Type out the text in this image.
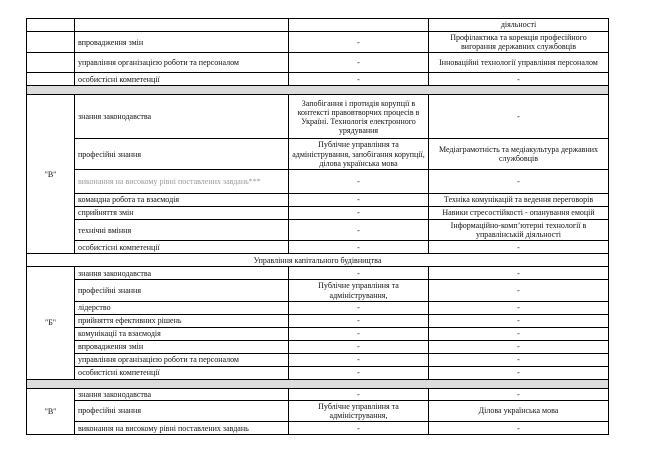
			діяльності
	впровадження змін	-	Профілактика та корекція професійного вигорання державних службовців
	управління організацією роботи та персоналом	-	Інноваційні технології управління персоналом
	особистісні компетенції	-	-

"В"	знання законодавства	Запобігання і протидія корупції в контексті правовтворчих процесів в Україні. Технологія електронного урядування	-
	професійні знання	Публічне управління та адміністрування, запобігання корупції, ділова українська мова	Медіаграмотність та медіакультура державних службовців
	виконання на високому рівні поставлених завдань***	-	-
	командна робота та взаємодія	-	Техніка комунікацій та ведення переговорів
	сприйняття змін	-	Навики стресостійкості - опанування емоцій
	технічні вміння	-	Інформаційно-комп’ютерні технології в управлінській діяльності
	особистісні компетенції	-	-
Управління капітального будівництва			
"Б"	знання законодавства	-	-
	професійні знання	Публічне управління та адміністрування,	-
	лідерство	-	-
	прийняття ефективних рішень	-	-
	комунікації та взаємодія	-	-
	впровадження змін	-	-
	управління організацією роботи та персоналом	-	-
	особистісні компетенції	-	-

"В"	знання законодавства	-	-
	професійні знання	Публічне управління та адміністрування,	Ділова українська мова
	виконання на високому рівні поставлених завдань	-	-
